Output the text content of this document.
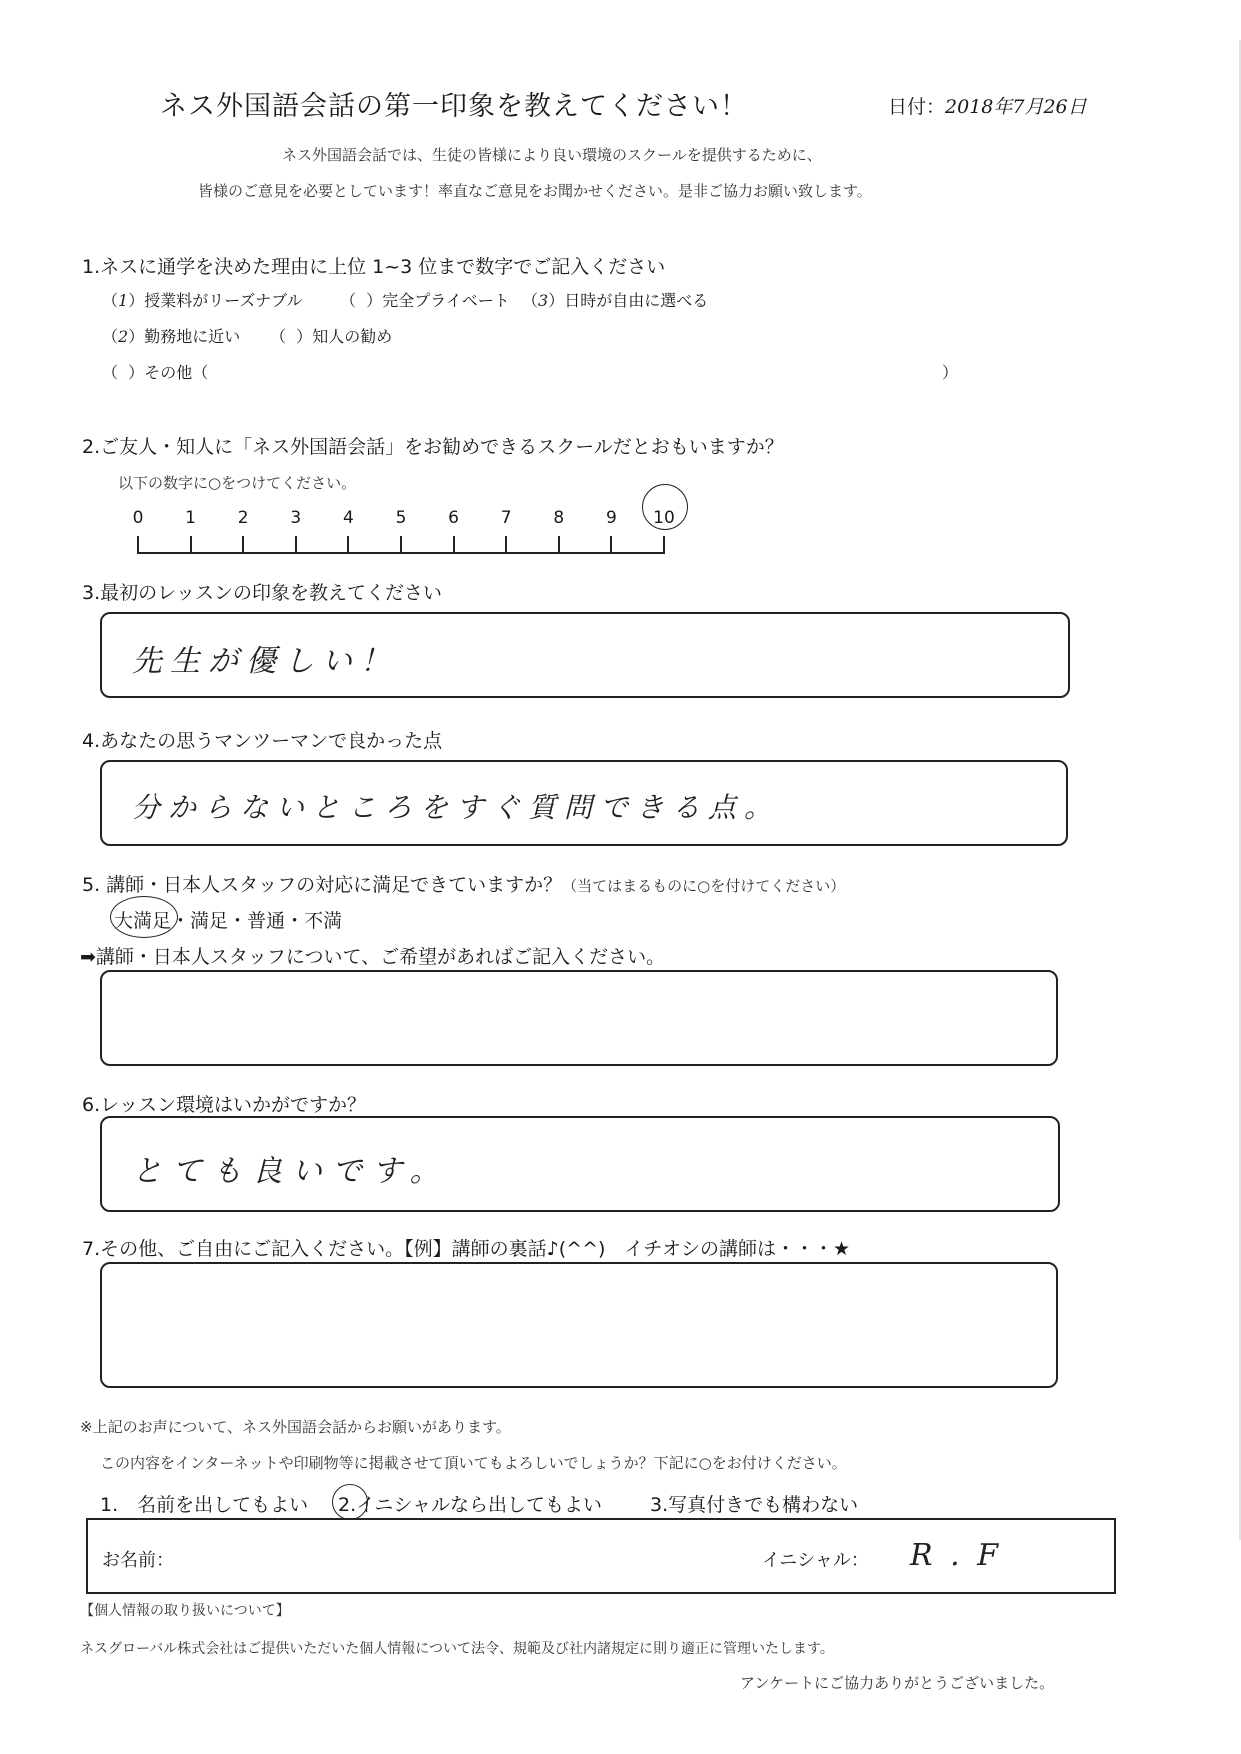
ネス外国語会話の第一印象を教えてください！	日付：2018年7月26日
ネス外国語会話では、生徒の皆様により良い環境のスクールを提供するために、
皆様のご意見を必要としています！率直なご意見をお聞かせください。是非ご協力お願い致します。
1.ネスに通学を決めた理由に上位 1~3 位まで数字でご記入ください
（1）授業料がリーズナブル （  ）完全プライベート （3）日時が自由に選べる
（2）勤務地に近い （  ）知人の勧め
（  ）その他（	）
2.ご友人・知人に「ネス外国語会話」をお勧めできるスクールだとおもいますか？
以下の数字に○をつけてください。
0 1 2 3 4 5 6 7 8 9 10
3.最初のレッスンの印象を教えてください
先生が優しい！
4.あなたの思うマンツーマンで良かった点
分からないところをすぐ質問できる点。
5. 講師・日本人スタッフの対応に満足できていますか？（当てはまるものに○を付けてください）
大満足・満足・普通・不満
➡講師・日本人スタッフについて、ご希望があればご記入ください。
6.レッスン環境はいかがですか？
とても良いです。
7.その他、ご自由にご記入ください。【例】講師の裏話♪(^^)　イチオシの講師は・・・★
※上記のお声について、ネス外国語会話からお願いがあります。
この内容をインターネットや印刷物等に掲載させて頂いてもよろしいでしょうか？下記に○をお付けください。
1.　名前を出してもよい 2.イニシャルなら出してもよい	3.写真付きでも構わない
お名前：	イニシャル： R . F
【個人情報の取り扱いについて】
ネスグローバル株式会社はご提供いただいた個人情報について法令、規範及び社内諸規定に則り適正に管理いたします。
アンケートにご協力ありがとうございました。
